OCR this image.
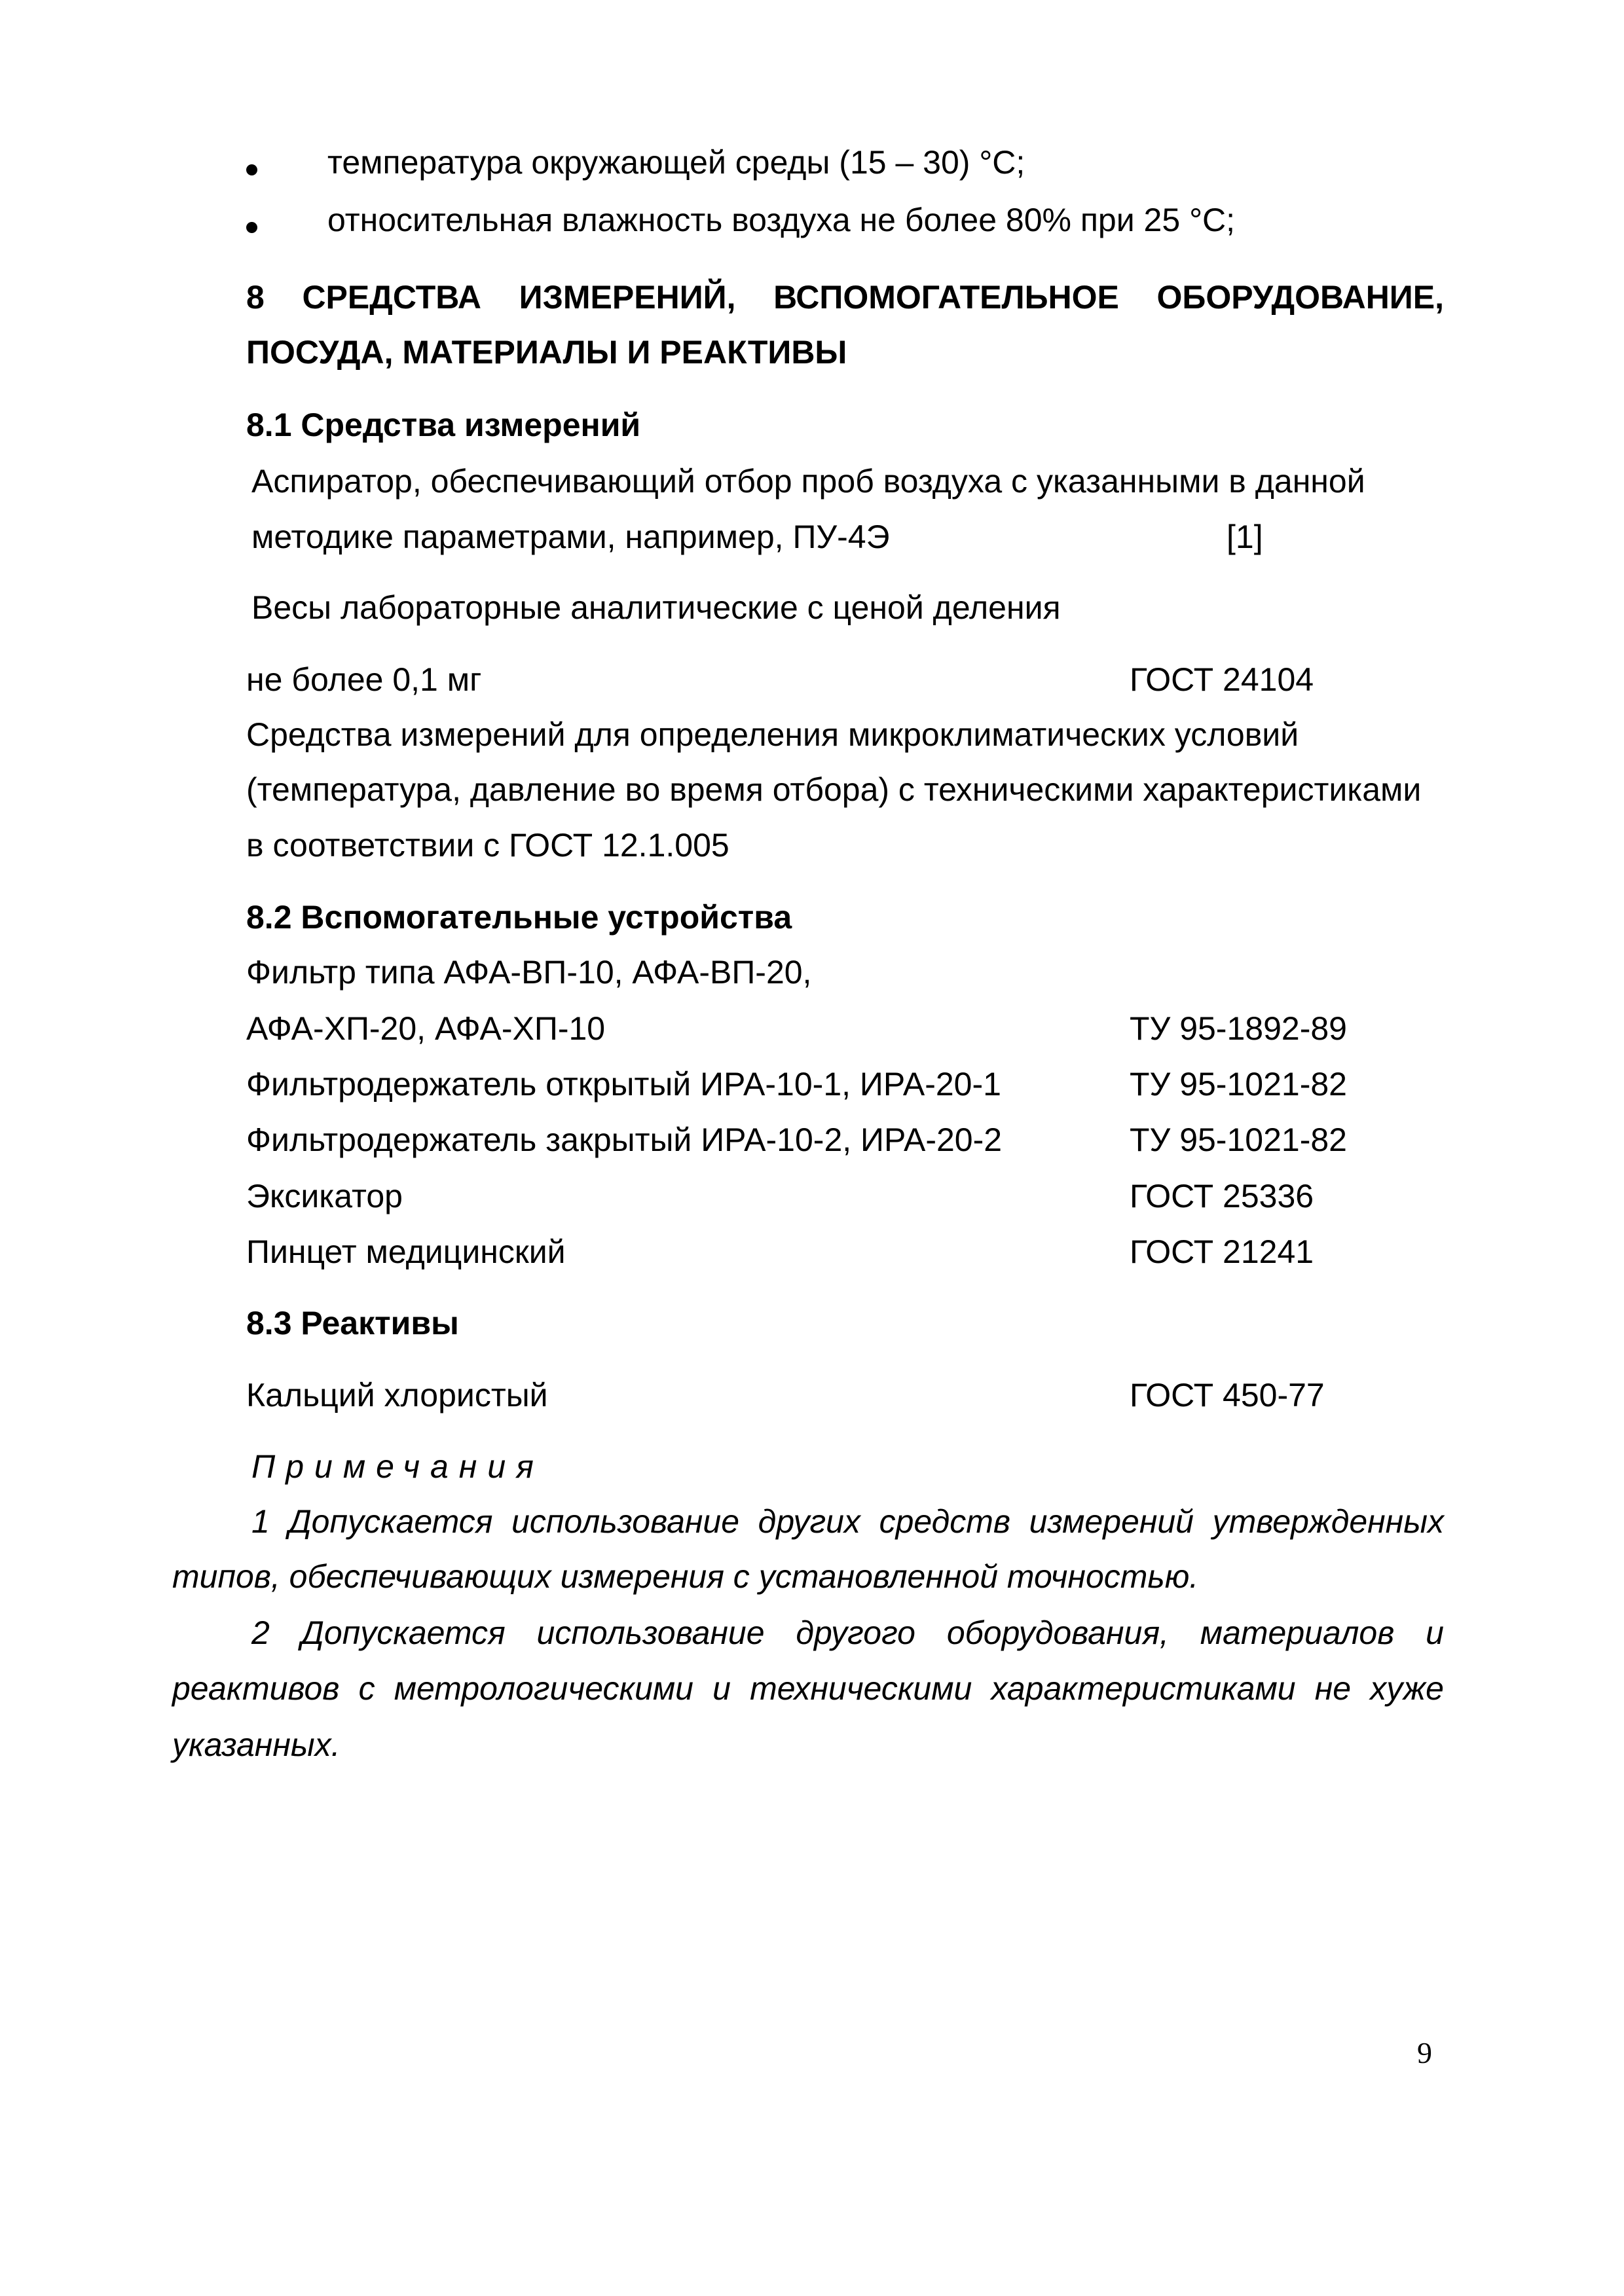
температура окружающей среды (15 – 30) °С;
относительная влажность воздуха не более 80% при 25 °С;
8 СРЕДСТВА ИЗМЕРЕНИЙ, ВСПОМОГАТЕЛЬНОЕ ОБОРУДОВАНИЕ,
ПОСУДА, МАТЕРИАЛЫ И РЕАКТИВЫ
8.1 Средства измерений
Аспиратор, обеспечивающий отбор проб воздуха с указанными в данной
методике параметрами, например, ПУ-4Э	[1]
Весы лабораторные аналитические с ценой деления
не более 0,1 мг	ГОСТ 24104
Средства измерений для определения микроклиматических условий
(температура, давление во время отбора) с техническими характеристиками
в соответствии с ГОСТ 12.1.005
8.2 Вспомогательные устройства
Фильтр типа АФА-ВП-10, АФА-ВП-20,
АФА-ХП-20, АФА-ХП-10	ТУ 95-1892-89
Фильтродержатель открытый ИРА-10-1, ИРА-20-1	ТУ 95-1021-82
Фильтродержатель закрытый ИРА-10-2, ИРА-20-2	ТУ 95-1021-82
Эксикатор	ГОСТ 25336
Пинцет медицинский	ГОСТ 21241
8.3 Реактивы
Кальций хлористый	ГОСТ 450-77
Примечания
1 Допускается использование других средств измерений утвержденных
типов, обеспечивающих измерения с установленной точностью.
2 Допускается использование другого оборудования, материалов и
реактивов с метрологическими и техническими характеристиками не хуже
указанных.
9
